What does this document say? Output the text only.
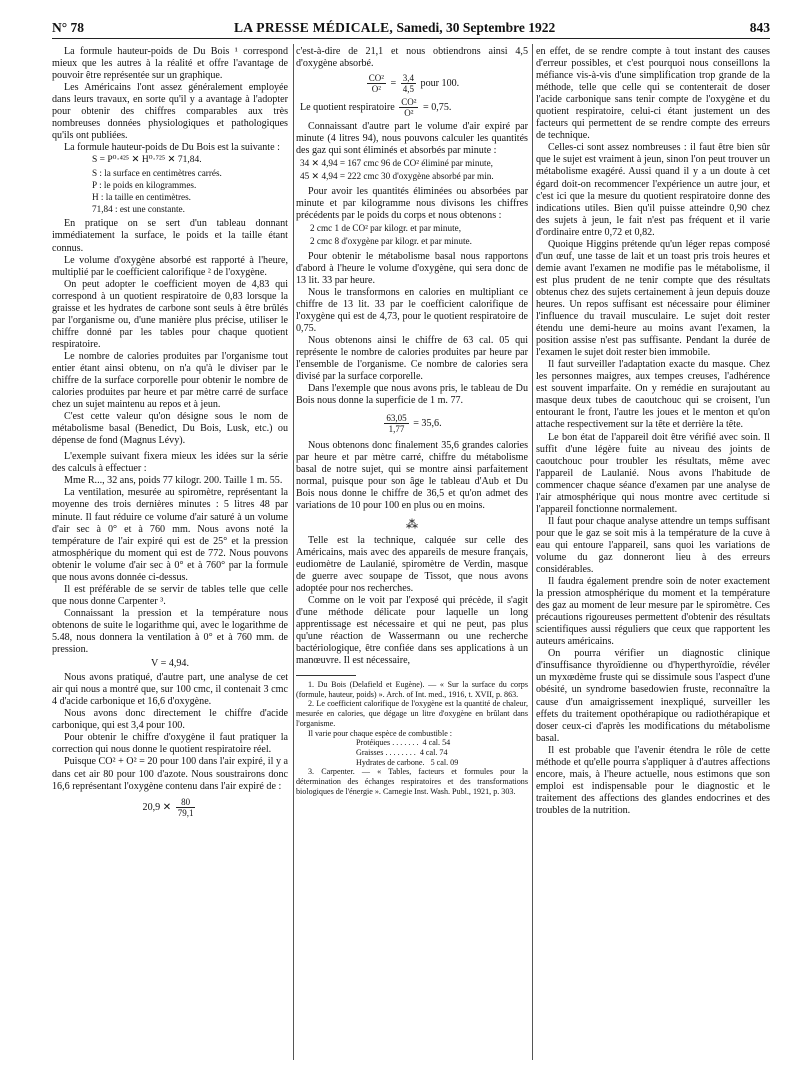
N° 78	LA PRESSE MÉDICALE, Samedi, 30 Septembre 1922	843

La formule hauteur-poids de Du Bois ¹ correspond mieux que les autres à la réalité et offre l'avantage de pouvoir être représentée sur un graphique.

Les Américains l'ont assez généralement employée dans leurs travaux, en sorte qu'il y a avantage à l'adopter pour obtenir des chiffres comparables aux très nombreuses données physiologiques et pathologiques qu'ils ont publiées.

La formule hauteur-poids de Du Bois est la suivante :

S = P⁰·⁴²⁵ ✕ H⁰·⁷²⁵ ✕ 71,84.
S : la surface en centimètres carrés.
P : le poids en kilogrammes.
H : la taille en centimètres.
71,84 : est une constante.

En pratique on se sert d'un tableau donnant immédiatement la surface, le poids et la taille étant connus.

Le volume d'oxygène absorbé est rapporté à l'heure, multiplié par le coefficient calorifique ² de l'oxygène.

On peut adopter le coefficient moyen de 4,83 qui correspond à un quotient respiratoire de 0,83 lorsque la graisse et les hydrates de carbone sont seuls à être brûlés par l'organisme ou, d'une manière plus précise, utiliser le chiffre donné par les tables pour chaque quotient respiratoire.

Le nombre de calories produites par l'organisme tout entier étant ainsi obtenu, on n'a qu'à le diviser par le chiffre de la surface corporelle pour obtenir le nombre de calories produites par heure et par mètre carré de surface chez un sujet maintenu au repos et à jeun.

C'est cette valeur qu'on désigne sous le nom de métabolisme basal (Benedict, Du Bois, Lusk, etc.) ou dépense de fond (Magnus Lévy).

L'exemple suivant fixera mieux les idées sur la série des calculs à effectuer :

Mme R..., 32 ans, poids 77 kilogr. 200. Taille 1 m. 55.

La ventilation, mesurée au spiromètre, représentant la moyenne des trois dernières minutes : 5 litres 48 par minute. Il faut réduire ce volume d'air saturé à un volume d'air sec à 0° et à 760 mm. Nous avons noté la température de l'air expiré qui est de 25° et la pression atmosphérique du moment qui est de 772. Nous pouvons obtenir le volume d'air sec à 0° et à 760° par la formule que nous avons donnée ci-dessus.

Il est préférable de se servir de tables telle que celle que nous donne Carpenter ³.

Connaissant la pression et la température nous obtenons de suite le logarithme qui, avec le logarithme de 5.48, nous donnera la ventilation à 0° et à 760 mm. de pression.

V = 4,94.

Nous avons pratiqué, d'autre part, une analyse de cet air qui nous a montré que, sur 100 cmc, il contenait 3 cmc 4 d'acide carbonique et 16,6 d'oxygène.

Nous avons donc directement le chiffre d'acide carbonique, qui est 3,4 pour 100.

Pour obtenir le chiffre d'oxygène il faut pratiquer la correction qui nous donne le quotient respiratoire réel.

Puisque CO² + O² = 20 pour 100 dans l'air expiré, il y a dans cet air 80 pour 100 d'azote. Nous soustrairons donc 16,6 représentant l'oxygène contenu dans l'air expiré de :

20,9 ✕ $\frac{80}{79,1}$

c'est-à-dire de 21,1 et nous obtiendrons ainsi 4,5 d'oxygène absorbé.

$\frac{\text{CO²}}{\text{O²}} = \frac{3,4}{4,5}$ pour 100.
Le quotient respiratoire $\frac{\text{CO²}}{\text{O²}} = 0,75$.

Connaissant d'autre part le volume d'air expiré par minute (4 litres 94), nous pouvons calculer les quantités des gaz qui sont éliminés et absorbés par minute :

34 ✕ 4,94 = 167 cmc 96 de CO² éliminé par minute,
45 ✕ 4,94 = 222 cmc 30 d'oxygène absorbé par min.

Pour avoir les quantités éliminées ou absorbées par minute et par kilogramme nous divisons les chiffres précédents par le poids du corps et nous obtenons :

2 cmc 1 de CO² par kilogr. et par minute,
2 cmc 8 d'oxygène par kilogr. et par minute.

Pour obtenir le métabolisme basal nous rapportons d'abord à l'heure le volume d'oxygène, qui sera donc de 13 lit. 33 par heure.

Nous le transformons en calories en multipliant ce chiffre de 13 lit. 33 par le coefficient calorifique de l'oxygène qui est de 4,73, pour le quotient respiratoire de 0,75.

Nous obtenons ainsi le chiffre de 63 cal. 05 qui représente le nombre de calories produites par heure par l'ensemble de l'organisme. Ce nombre de calories sera divisé par la surface corporelle.

Dans l'exemple que nous avons pris, le tableau de Du Bois nous donne la superficie de 1 m. 77.

$\frac{63,05}{1,77} = 35,6$.

Nous obtenons donc finalement 35,6 grandes calories par heure et par mètre carré, chiffre du métabolisme basal de notre sujet, qui se montre ainsi parfaitement normal, puisque pour son âge le tableau d'Aub et Du Bois nous donne le chiffre de 36,5 et qu'on admet des variations de 10 pour 100 en plus ou en moins.

⁂

Telle est la technique, calquée sur celle des Américains, mais avec des appareils de mesure français, eudiomètre de Laulanié, spiromètre de Verdin, masque de guerre avec soupape de Tissot, que nous avons adoptée pour nos recherches.

Comme on le voit par l'exposé qui précède, il s'agit d'une méthode délicate pour laquelle un long apprentissage est nécessaire et qui ne peut, pas plus qu'une réaction de Wassermann ou une recherche bactériologique, être confiée dans ses applications à un manœuvre. Il est nécessaire,

1. Du Bois (Delafield et Eugène). — « Sur la surface du corps (formule, hauteur, poids) ». Arch. of Int. med., 1916, t. XVII, p. 863.

2. Le coefficient calorifique de l'oxygène est la quantité de chaleur, mesurée en calories, que dégage un litre d'oxygène en brûlant dans l'organisme.

Il varie pour chaque espèce de combustible :

Protéiques . . . . . . .  4 cal. 54
Graisses . . . . . . . .  4 cal. 74
Hydrates de carbone.   5 cal. 09

3. Carpenter. — « Tables, facteurs et formules pour la détermination des échanges respiratoires et des transformations biologiques de l'énergie ». Carnegie Inst. Wash. Publ., 1921, p. 303.

en effet, de se rendre compte à tout instant des causes d'erreur possibles, et c'est pourquoi nous conseillons la méfiance vis-à-vis d'une simplification trop grande de la méthode, telle que celle qui se contenterait de doser l'acide carbonique sans tenir compte de l'oxygène et du quotient respiratoire, celui-ci étant justement un des facteurs qui permettent de se rendre compte des erreurs de technique.

Celles-ci sont assez nombreuses : il faut être bien sûr que le sujet est vraiment à jeun, sinon l'on peut trouver un métabolisme exagéré. Aussi quand il y a un doute à cet égard doit-on recommencer l'expérience un autre jour, et c'est ici que la mesure du quotient respiratoire donne des indications utiles. Bien qu'il puisse atteindre 0,90 chez des sujets à jeun, le fait n'est pas fréquent et il varie d'ordinaire entre 0,72 et 0,82.

Quoique Higgins prétende qu'un léger repas composé d'un œuf, une tasse de lait et un toast pris trois heures et demie avant l'examen ne modifie pas le métabolisme, il est plus prudent de ne tenir compte que des résultats obtenus chez des sujets certainement à jeun depuis douze heures. Un repos suffisant est nécessaire pour éliminer l'influence du travail musculaire. Le sujet doit rester étendu une demi-heure au moins avant l'examen, la position assise n'est pas suffisante. Pendant la durée de l'examen le sujet doit rester bien immobile.

Il faut surveiller l'adaptation exacte du masque. Chez les personnes maigres, aux tempes creuses, l'adhérence est souvent imparfaite. On y remédie en surajoutant au masque deux tubes de caoutchouc qui se croisent, l'un entourant le front, l'autre les joues et le menton et qu'on attache respectivement sur la tête et derrière la tête.

Le bon état de l'appareil doit être vérifié avec soin. Il suffit d'une légère fuite au niveau des joints de caoutchouc pour troubler les résultats, même avec l'appareil de Laulanié. Nous avons l'habitude de commencer chaque séance d'examen par une analyse de l'air atmosphérique qui nous montre avec certitude si l'appareil fonctionne normalement.

Il faut pour chaque analyse attendre un temps suffisant pour que le gaz se soit mis à la température de la cuve à eau qui entoure l'appareil, sans quoi les variations de volume du gaz donneront lieu à des erreurs considérables.

Il faudra également prendre soin de noter exactement la pression atmosphérique du moment et la température des gaz au moment de leur mesure par le spiromètre. Ces précautions rigoureuses permettent d'obtenir des résultats scientifiques aussi réguliers que ceux que rapportent les auteurs américains.

On pourra vérifier un diagnostic clinique d'insuffisance thyroïdienne ou d'hyperthyroïdie, révéler un myxœdème fruste qui se dissimule sous l'aspect d'une obésité, un syndrome basedowien fruste, reconnaître la cause d'un amaigrissement inexpliqué, surveiller les effets du traitement opothérapique ou radiothérapique et doser ceux-ci d'après les modifications du métabolisme basal.

Il est probable que l'avenir étendra le rôle de cette méthode et qu'elle pourra s'appliquer à d'autres affections encore, mais, à l'heure actuelle, nous estimons que son emploi est indispensable pour le diagnostic et le traitement des affections des glandes endocrines et des troubles de la nutrition.
